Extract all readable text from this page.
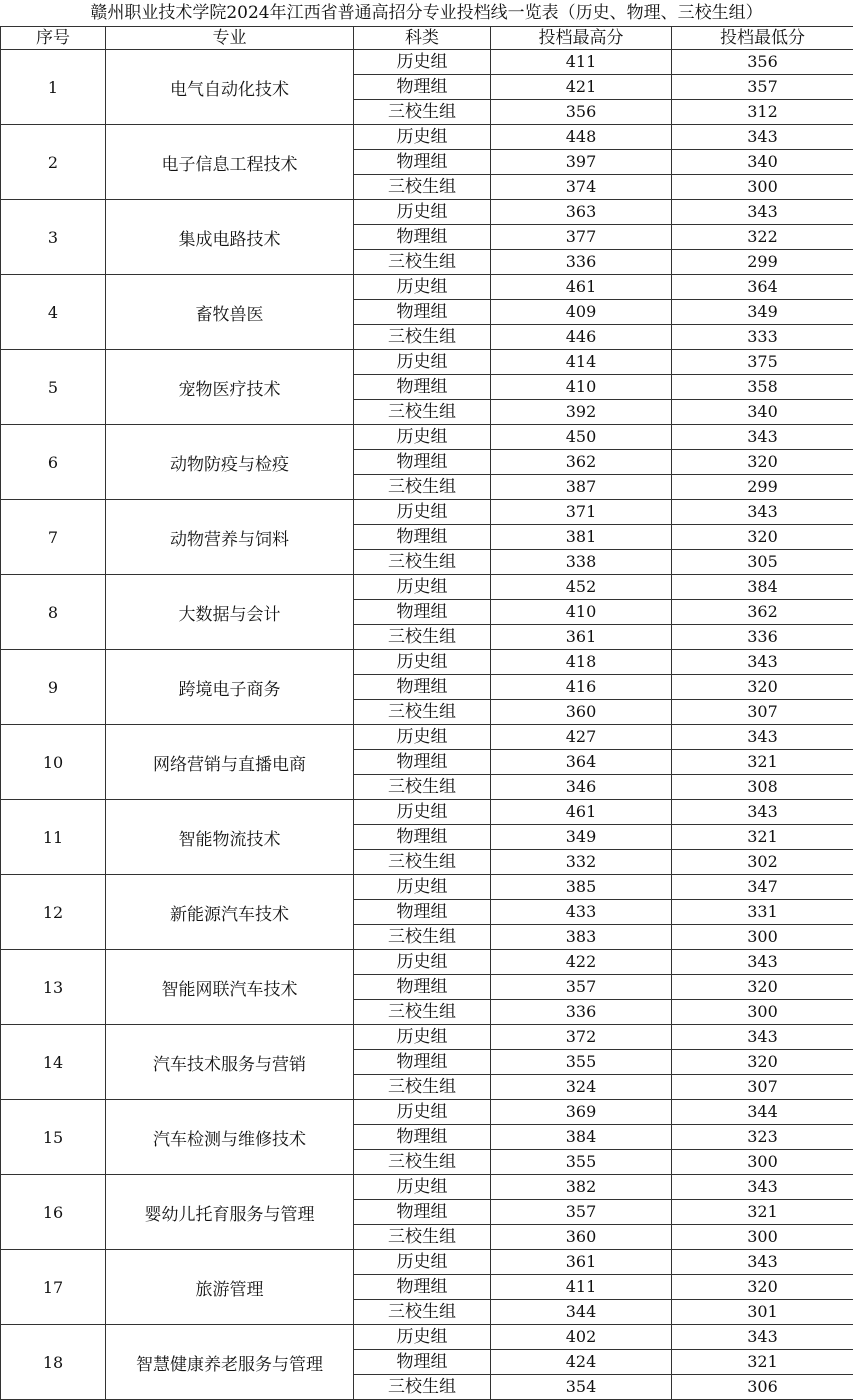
赣州职业技术学院2024年江西省普通高招分专业投档线一览表（历史、物理、三校生组）
序号	专业	科类	投档最高分	投档最低分
1	电气自动化技术	历史组	411	356
		物理组	421	357
		三校生组	356	312
2	电子信息工程技术	历史组	448	343
		物理组	397	340
		三校生组	374	300
3	集成电路技术	历史组	363	343
		物理组	377	322
		三校生组	336	299
4	畜牧兽医	历史组	461	364
		物理组	409	349
		三校生组	446	333
5	宠物医疗技术	历史组	414	375
		物理组	410	358
		三校生组	392	340
6	动物防疫与检疫	历史组	450	343
		物理组	362	320
		三校生组	387	299
7	动物营养与饲料	历史组	371	343
		物理组	381	320
		三校生组	338	305
8	大数据与会计	历史组	452	384
		物理组	410	362
		三校生组	361	336
9	跨境电子商务	历史组	418	343
		物理组	416	320
		三校生组	360	307
10	网络营销与直播电商	历史组	427	343
		物理组	364	321
		三校生组	346	308
11	智能物流技术	历史组	461	343
		物理组	349	321
		三校生组	332	302
12	新能源汽车技术	历史组	385	347
		物理组	433	331
		三校生组	383	300
13	智能网联汽车技术	历史组	422	343
		物理组	357	320
		三校生组	336	300
14	汽车技术服务与营销	历史组	372	343
		物理组	355	320
		三校生组	324	307
15	汽车检测与维修技术	历史组	369	344
		物理组	384	323
		三校生组	355	300
16	婴幼儿托育服务与管理	历史组	382	343
		物理组	357	321
		三校生组	360	300
17	旅游管理	历史组	361	343
		物理组	411	320
		三校生组	344	301
18	智慧健康养老服务与管理	历史组	402	343
		物理组	424	321
		三校生组	354	306
